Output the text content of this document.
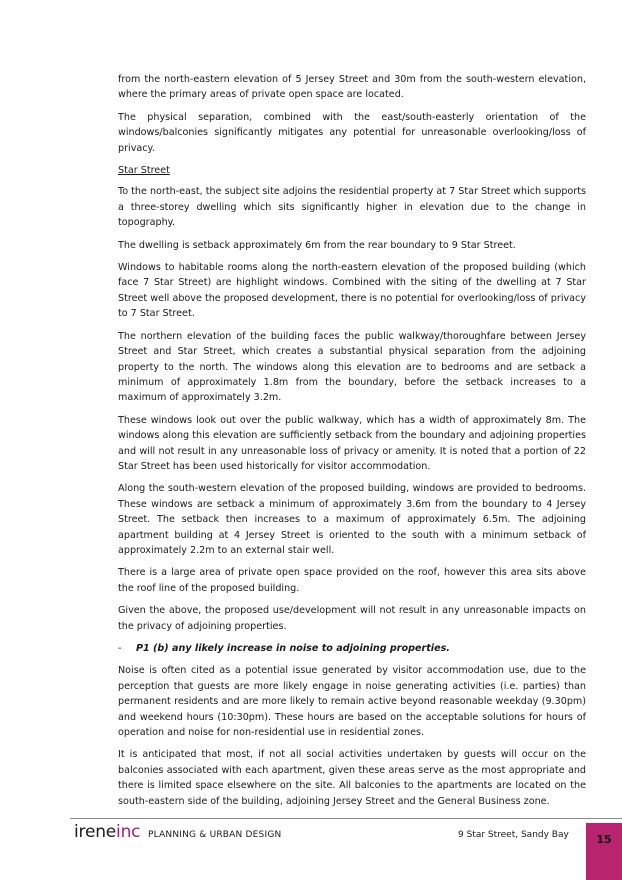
from the north-eastern elevation of 5 Jersey Street and 30m from the south-western elevation, where the primary areas of private open space are located.

The physical separation, combined with the east/south-easterly orientation of the windows/balconies significantly mitigates any potential for unreasonable overlooking/loss of privacy.

Star Street

To the north-east, the subject site adjoins the residential property at 7 Star Street which supports a three-storey dwelling which sits significantly higher in elevation due to the change in topography.

The dwelling is setback approximately 6m from the rear boundary to 9 Star Street.

Windows to habitable rooms along the north-eastern elevation of the proposed building (which face 7 Star Street) are highlight windows. Combined with the siting of the dwelling at 7 Star Street well above the proposed development, there is no potential for overlooking/loss of privacy to 7 Star Street.

The northern elevation of the building faces the public walkway/thoroughfare between Jersey Street and Star Street, which creates a substantial physical separation from the adjoining property to the north. The windows along this elevation are to bedrooms and are setback a minimum of approximately 1.8m from the boundary, before the setback increases to a maximum of approximately 3.2m.

These windows look out over the public walkway, which has a width of approximately 8m. The windows along this elevation are sufficiently setback from the boundary and adjoining properties and will not result in any unreasonable loss of privacy or amenity. It is noted that a portion of 22 Star Street has been used historically for visitor accommodation.

Along the south-western elevation of the proposed building, windows are provided to bedrooms. These windows are setback a minimum of approximately 3.6m from the boundary to 4 Jersey Street. The setback then increases to a maximum of approximately 6.5m. The adjoining apartment building at 4 Jersey Street is oriented to the south with a minimum setback of approximately 2.2m to an external stair well.

There is a large area of private open space provided on the roof, however this area sits above the roof line of the proposed building.

Given the above, the proposed use/development will not result in any unreasonable impacts on the privacy of adjoining properties.

- P1 (b) any likely increase in noise to adjoining properties.

Noise is often cited as a potential issue generated by visitor accommodation use, due to the perception that guests are more likely engage in noise generating activities (i.e. parties) than permanent residents and are more likely to remain active beyond reasonable weekday (9.30pm) and weekend hours (10:30pm). These hours are based on the acceptable solutions for hours of operation and noise for non-residential use in residential zones.

It is anticipated that most, if not all social activities undertaken by guests will occur on the balconies associated with each apartment, given these areas serve as the most appropriate and there is limited space elsewhere on the site. All balconies to the apartments are located on the south-eastern side of the building, adjoining Jersey Street and the General Business zone.

ireneinc PLANNING & URBAN DESIGN	9 Star Street, Sandy Bay	15
